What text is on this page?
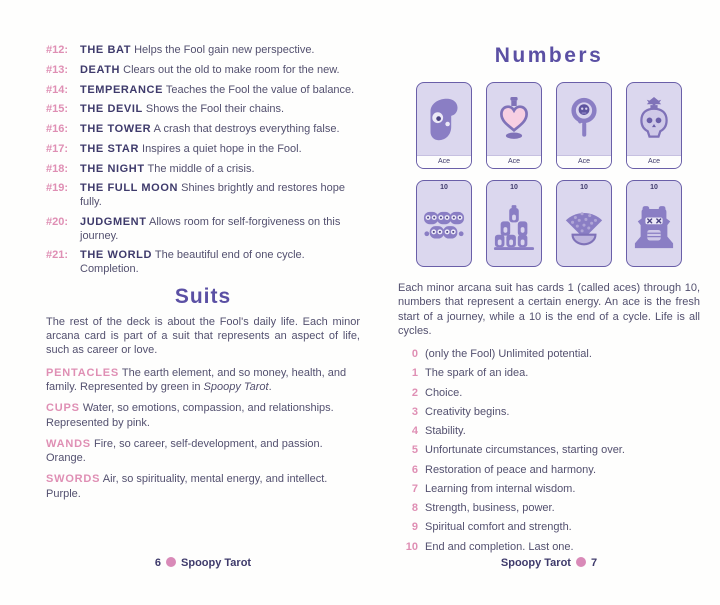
#12:	THE BAT Helps the Fool gain new perspective.
#13:	DEATH Clears out the old to make room for the new.
#14:	TEMPERANCE Teaches the Fool the value of balance.
#15:	THE DEVIL Shows the Fool their chains.
#16:	THE TOWER A crash that destroys everything false.
#17:	THE STAR Inspires a quiet hope in the Fool.
#18:	THE NIGHT The middle of a crisis.
#19:	THE FULL MOON Shines brightly and restores hope fully.
#20:	JUDGMENT Allows room for self-forgiveness on this journey.
#21:	THE WORLD The beautiful end of one cycle. Completion.
Suits

The rest of the deck is about the Fool's daily life. Each minor arcana card is part of a suit that represents an aspect of life, such as career or love.

PENTACLES The earth element, and so money, health, and family. Represented by green in Spoopy Tarot.

CUPS Water, so emotions, compassion, and relationships. Represented by pink.

WANDS Fire, so career, self-development, and passion. Orange.

SWORDS Air, so spirituality, mental energy, and intellect. Purple.

6 Spoopy Tarot
Numbers
Ace	Ace	Ace	Ace
10	10	10	10

Each minor arcana suit has cards 1 (called aces) through 10, numbers that represent a certain energy. An ace is the fresh start of a journey, while a 10 is the end of a cycle. Life is all cycles.

0 (only the Fool) Unlimited potential.
1 The spark of an idea.
2 Choice.
3 Creativity begins.
4 Stability.
5 Unfortunate circumstances, starting over.
6 Restoration of peace and harmony.
7 Learning from internal wisdom.
8 Strength, business, power.
9 Spiritual comfort and strength.
10 End and completion. Last one.
Spoopy Tarot 7
